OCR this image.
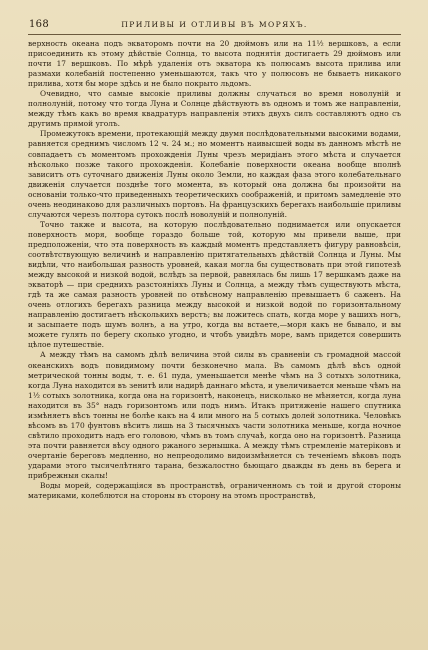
168	ПРИЛИВЫ И ОТЛИВЫ ВЪ МОРЯХЪ.

верхность океана подъ экваторомъ почти на 20 дюймовъ или на 11½ вершковъ, а если присоединить къ этому дѣйствiе Солнца, то высота поднятiя достигаетъ 29 дюймовъ или почти 17 вершковъ. По мѣрѣ удаленiя отъ экватора къ полюсамъ высота прилива или размахи колебанiй постепенно уменьшаются, такъ что у полюсовъ не бываетъ никакого прилива, хотя бы море здѣсь и не было покрыто льдомъ.

Очевидно, что самые высокiе приливы должны случаться во время новолунiй и полнолунiй, потому что тогда Луна и Солнце дѣйствуютъ въ одномъ и томъ же направленiи, между тѣмъ какъ во время квадратуръ направленiя этихъ двухъ силъ составляютъ одно съ другимъ прямой уголъ.

Промежутокъ времени, протекающiй между двумя послѣдовательными высокими водами, равняется среднимъ числомъ 12 ч. 24 м.; но моментъ наивысшей воды въ данномъ мѣстѣ не совпадаетъ съ моментомъ прохожденiя Луны чрезъ меридiанъ этого мѣста и случается нѣсколько позже такого прохожденiя. Колебанiе поверхности океана вообще вполнѣ зависитъ отъ суточнаго движенiя Луны около Земли, но каждая фаза этого колебательнаго движенiя случается позднѣе того момента, въ который она должна бы произойти на основанiи только-что приведенныхъ теоретическихъ соображенiй, и притомъ замедленiе это очень неодинаково для различныхъ портовъ. На французскихъ берегахъ наибольшiе приливы случаются черезъ полтора сутокъ послѣ новолунiй и полнолунiй.

Точно также и высота, на которую послѣдовательно поднимается или опускается поверхность моря, вообще гораздо больше той, которую мы привели выше, при предположенiи, что эта поверхность въ каждый моментъ представляетъ фигуру равновѣсiя, соотвѣтствующую величинѣ и направленiю притягательныхъ дѣйствiй Солнца и Луны. Мы видѣли, что наибольшая разность уровней, какая могла бы существовать при этой гипотезѣ между высокой и низкой водой, вслѣдъ за первой, равнялась бы лишь 17 вершкамъ даже на экваторѣ — при среднихъ разстоянiяхъ Луны и Солнца, а между тѣмъ существуютъ мѣста, гдѣ та же самая разность уровней по отвѣсному направленiю превышаетъ 6 саженъ. На очень отлогихъ берегахъ разница между высокой и низкой водой по горизонтальному направленiю достигаетъ нѣсколькихъ верстъ; вы ложитесь спать, когда море у вашихъ ногъ, и засыпаете подъ шумъ волнъ, а на утро, когда вы встаете,—моря какъ не бывало, и вы можете гулять по берегу сколько угодно, и чтобъ увидѣть море, вамъ придется совершить цѣлое путешествiе.

А между тѣмъ на самомъ дѣлѣ величина этой силы въ сравненiи съ громадной массой океанскихъ водъ повидимому почти безконечно мала. Въ самомъ дѣлѣ вѣсъ одной метрической тонны воды, т. е. 61 пуда, уменьшается менѣе чѣмъ на 3 сотыхъ золотника, когда Луна находится въ зенитѣ или надирѣ даннаго мѣста, и увеличивается меньше чѣмъ на 1½ сотыхъ золотника, когда она на горизонтѣ, наконецъ, нисколько не мѣняется, когда луна находится въ 35° надъ горизонтомъ или подъ нимъ. Итакъ притяженiе нашего спутника измѣняетъ вѣсъ тонны не болѣе какъ на 4 или много на 5 сотыхъ долей золотника. Человѣкъ вѣсомъ въ 170 фунтовъ вѣситъ лишь на 3 тысячныхъ части золотника меньше, когда ночное свѣтило проходитъ надъ его головою, чѣмъ въ томъ случаѣ, когда оно на горизонтѣ. Разница эта почти равняется вѣсу одного ржаного зернышка. А между тѣмъ стремленiе матерiковъ и очертанiе береговъ медленно, но непреодолимо видоизмѣняется съ теченiемъ вѣковъ подъ ударами этого тысячелѣтняго тарана, безжалостно бьющаго дважды въ день въ берега и прибрежныя скалы!

Воды морей, содержащiяся въ пространствѣ, ограниченномъ съ той и другой стороны материками, колеблются на стороны въ сторону на этомъ пространствѣ,
